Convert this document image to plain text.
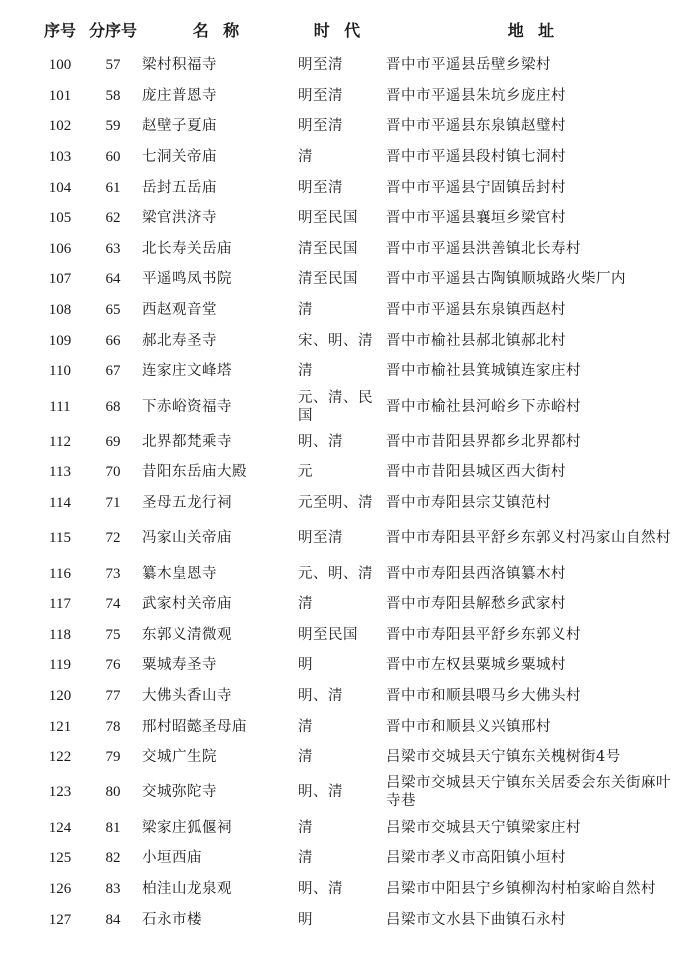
序号	分序号	名称	时代	地址
100	57	梁村积福寺	明至清	晋中市平遥县岳壁乡梁村
101	58	庞庄普恩寺	明至清	晋中市平遥县朱坑乡庞庄村
102	59	赵壁子夏庙	明至清	晋中市平遥县东泉镇赵璧村
103	60	七洞关帝庙	清	晋中市平遥县段村镇七洞村
104	61	岳封五岳庙	明至清	晋中市平遥县宁固镇岳封村
105	62	梁官洪济寺	明至民国	晋中市平遥县襄垣乡梁官村
106	63	北长寿关岳庙	清至民国	晋中市平遥县洪善镇北长寿村
107	64	平遥鸣凤书院	清至民国	晋中市平遥县古陶镇顺城路火柴厂内
108	65	西赵观音堂	清	晋中市平遥县东泉镇西赵村
109	66	郝北寿圣寺	宋、明、清	晋中市榆社县郝北镇郝北村
110	67	连家庄文峰塔	清	晋中市榆社县箕城镇连家庄村
111	68	下赤峪资福寺	元、清、民国	晋中市榆社县河峪乡下赤峪村
112	69	北界都梵乘寺	明、清	晋中市昔阳县界都乡北界都村
113	70	昔阳东岳庙大殿	元	晋中市昔阳县城区西大街村
114	71	圣母五龙行祠	元至明、清	晋中市寿阳县宗艾镇范村
115	72	冯家山关帝庙	明至清	晋中市寿阳县平舒乡东郭义村冯家山自然村
116	73	纂木皇恩寺	元、明、清	晋中市寿阳县西洛镇纂木村
117	74	武家村关帝庙	清	晋中市寿阳县解愁乡武家村
118	75	东郭义清微观	明至民国	晋中市寿阳县平舒乡东郭义村
119	76	粟城寿圣寺	明	晋中市左权县粟城乡粟城村
120	77	大佛头香山寺	明、清	晋中市和顺县喂马乡大佛头村
121	78	邢村昭懿圣母庙	清	晋中市和顺县义兴镇邢村
122	79	交城广生院	清	吕梁市交城县天宁镇东关槐树街4号
123	80	交城弥陀寺	明、清	吕梁市交城县天宁镇东关居委会东关街麻叶寺巷
124	81	梁家庄狐偃祠	清	吕梁市交城县天宁镇梁家庄村
125	82	小垣西庙	清	吕梁市孝义市高阳镇小垣村
126	83	柏洼山龙泉观	明、清	吕梁市中阳县宁乡镇柳沟村柏家峪自然村
127	84	石永市楼	明	吕梁市文水县下曲镇石永村
